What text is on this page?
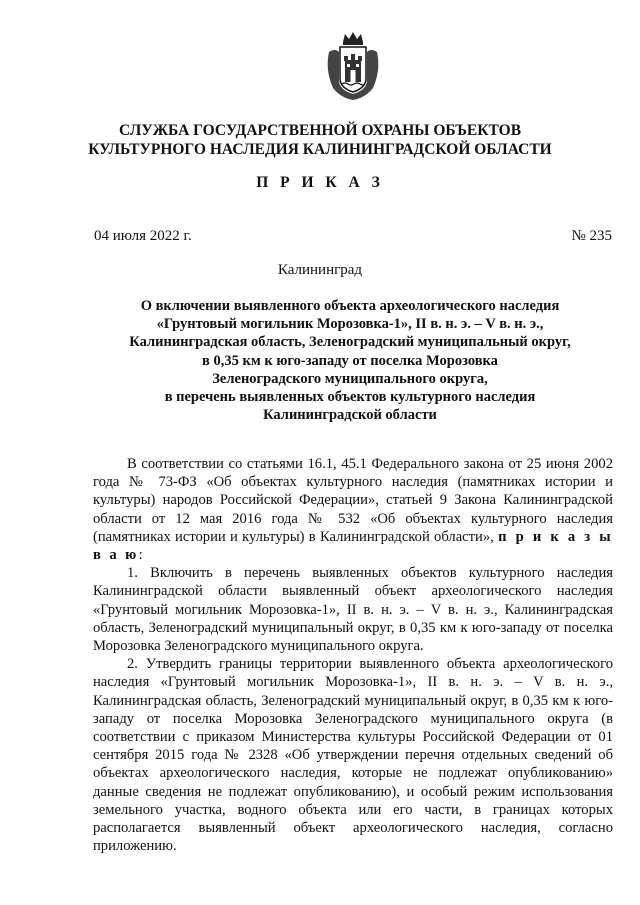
СЛУЖБА ГОСУДАРСТВЕННОЙ ОХРАНЫ ОБЪЕКТОВ
КУЛЬТУРНОГО НАСЛЕДИЯ КАЛИНИНГРАДСКОЙ ОБЛАСТИ
П Р И К А З
04 июля 2022 г.	№ 235
Калининград
О включении выявленного объекта археологического наследия
«Грунтовый могильник Морозовка-1», II в. н. э. – V в. н. э.,
Калининградская область, Зеленоградский муниципальный округ,
в 0,35 км к юго-западу от поселка Морозовка
Зеленоградского муниципального округа,
в перечень выявленных объектов культурного наследия
Калининградской области

В соответствии со статьями 16.1, 45.1 Федерального закона от 25 июня 2002 года № 73-ФЗ «Об объектах культурного наследия (памятниках истории и культуры) народов Российской Федерации», статьей 9 Закона Калининградской области от 12 мая 2016 года № 532 «Об объектах культурного наследия (памятниках истории и культуры) в Калининградской области», п р и к а з ы в а ю:

1. Включить в перечень выявленных объектов культурного наследия Калининградской области выявленный объект археологического наследия «Грунтовый могильник Морозовка-1», II в. н. э. – V в. н. э., Калининградская область, Зеленоградский муниципальный округ, в 0,35 км к юго-западу от поселка Морозовка Зеленоградского муниципального округа.

2. Утвердить границы территории выявленного объекта археологического наследия «Грунтовый могильник Морозовка-1», II в. н. э. – V в. н. э., Калининградская область, Зеленоградский муниципальный округ, в 0,35 км к юго-западу от поселка Морозовка Зеленоградского муниципального округа (в соответствии с приказом Министерства культуры Российской Федерации от 01 сентября 2015 года № 2328 «Об утверждении перечня отдельных сведений об объектах археологического наследия, которые не подлежат опубликованию» данные сведения не подлежат опубликованию), и особый режим использования земельного участка, водного объекта или его части, в границах которых располагается выявленный объект археологического наследия, согласно приложению.
